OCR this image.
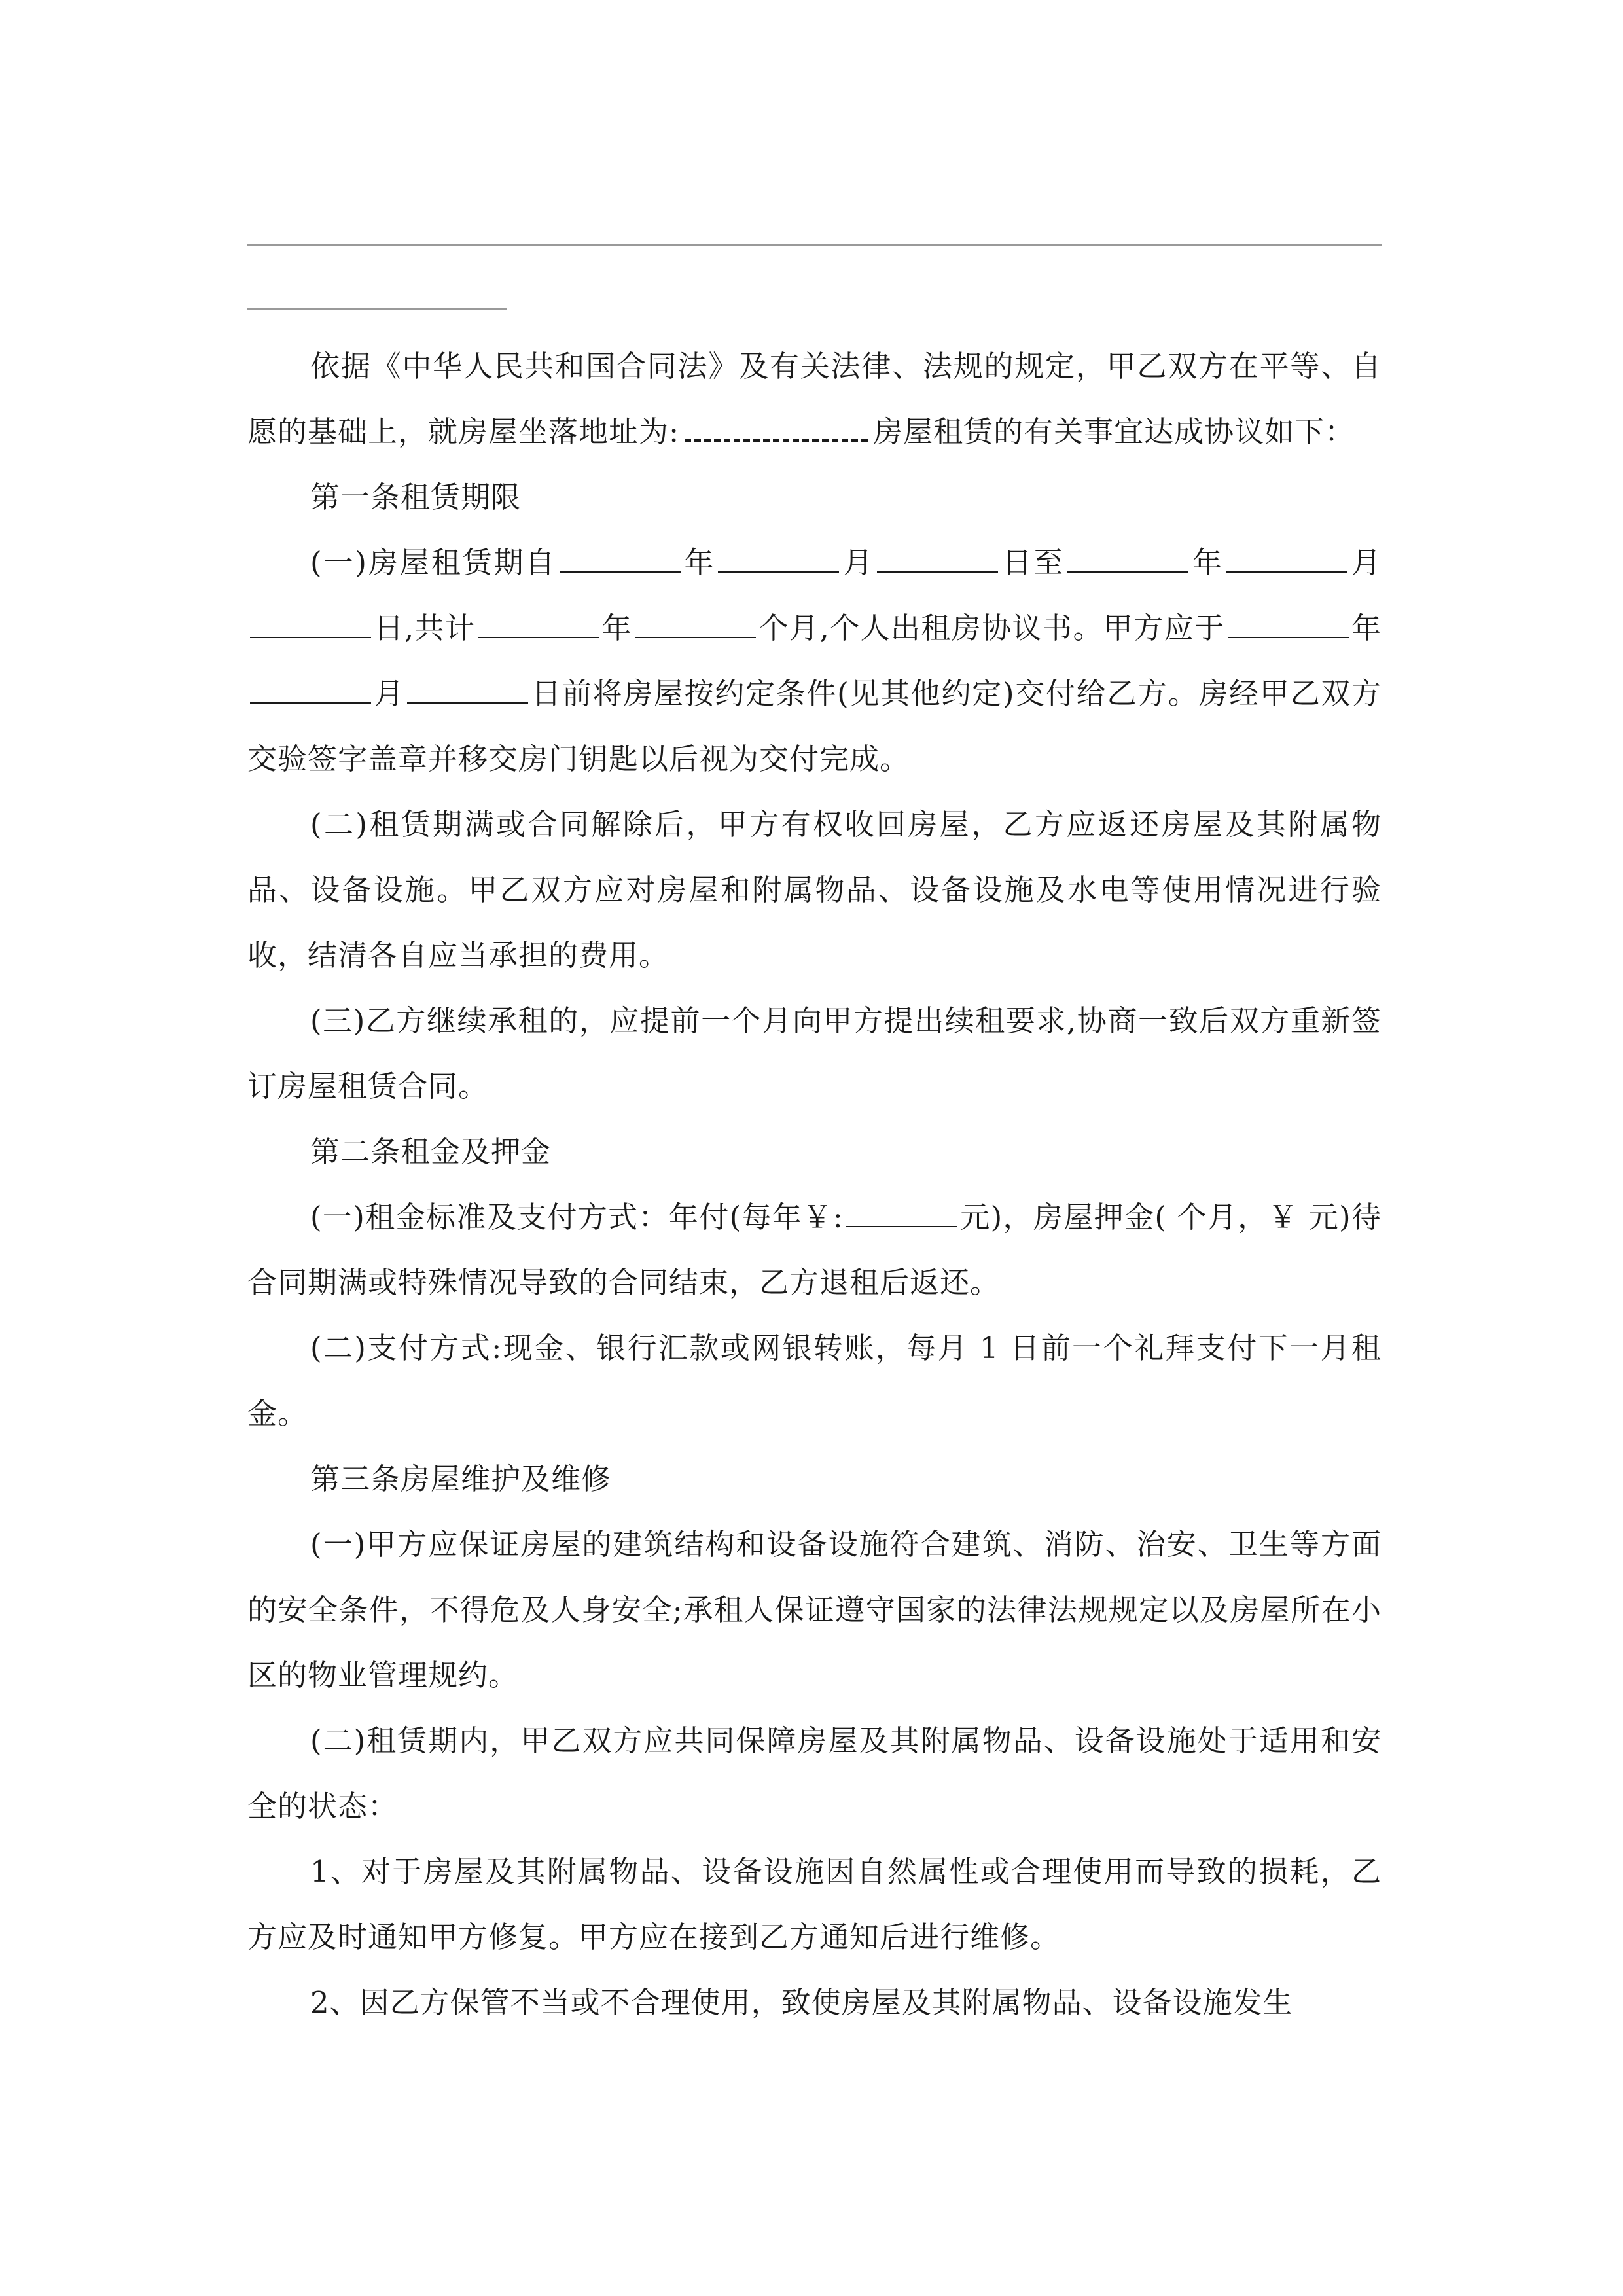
依据《中华人民共和国合同法》及有关法律、法规的规定，甲乙双方在平等、自愿的基础上，就房屋坐落地址为:	房屋租赁的有关事宜达成协议如下：

第一条租赁期限

(一)房屋租赁期自	年	月	日至	年	月日,共计	年	个月,个人出租房协议书。甲方应于	年月	日前将房屋按约定条件(见其他约定)交付给乙方。房经甲乙双方交验签字盖章并移交房门钥匙以后视为交付完成。

(二)租赁期满或合同解除后，甲方有权收回房屋，乙方应返还房屋及其附属物品、设备设施。甲乙双方应对房屋和附属物品、设备设施及水电等使用情况进行验收，结清各自应当承担的费用。

(三)乙方继续承租的，应提前一个月向甲方提出续租要求,协商一致后双方重新签订房屋租赁合同。

第二条租金及押金

(一)租金标准及支付方式：年付(每年￥:	元)，房屋押金( 个月，￥ 元)待合同期满或特殊情况导致的合同结束，乙方退租后返还。

(二)支付方式:现金、银行汇款或网银转账，每月 1 日前一个礼拜支付下一月租金。

第三条房屋维护及维修

(一)甲方应保证房屋的建筑结构和设备设施符合建筑、消防、治安、卫生等方面的安全条件，不得危及人身安全;承租人保证遵守国家的法律法规规定以及房屋所在小区的物业管理规约。

(二)租赁期内，甲乙双方应共同保障房屋及其附属物品、设备设施处于适用和安全的状态：

1、对于房屋及其附属物品、设备设施因自然属性或合理使用而导致的损耗，乙方应及时通知甲方修复。甲方应在接到乙方通知后进行维修。

2、因乙方保管不当或不合理使用，致使房屋及其附属物品、设备设施发生
